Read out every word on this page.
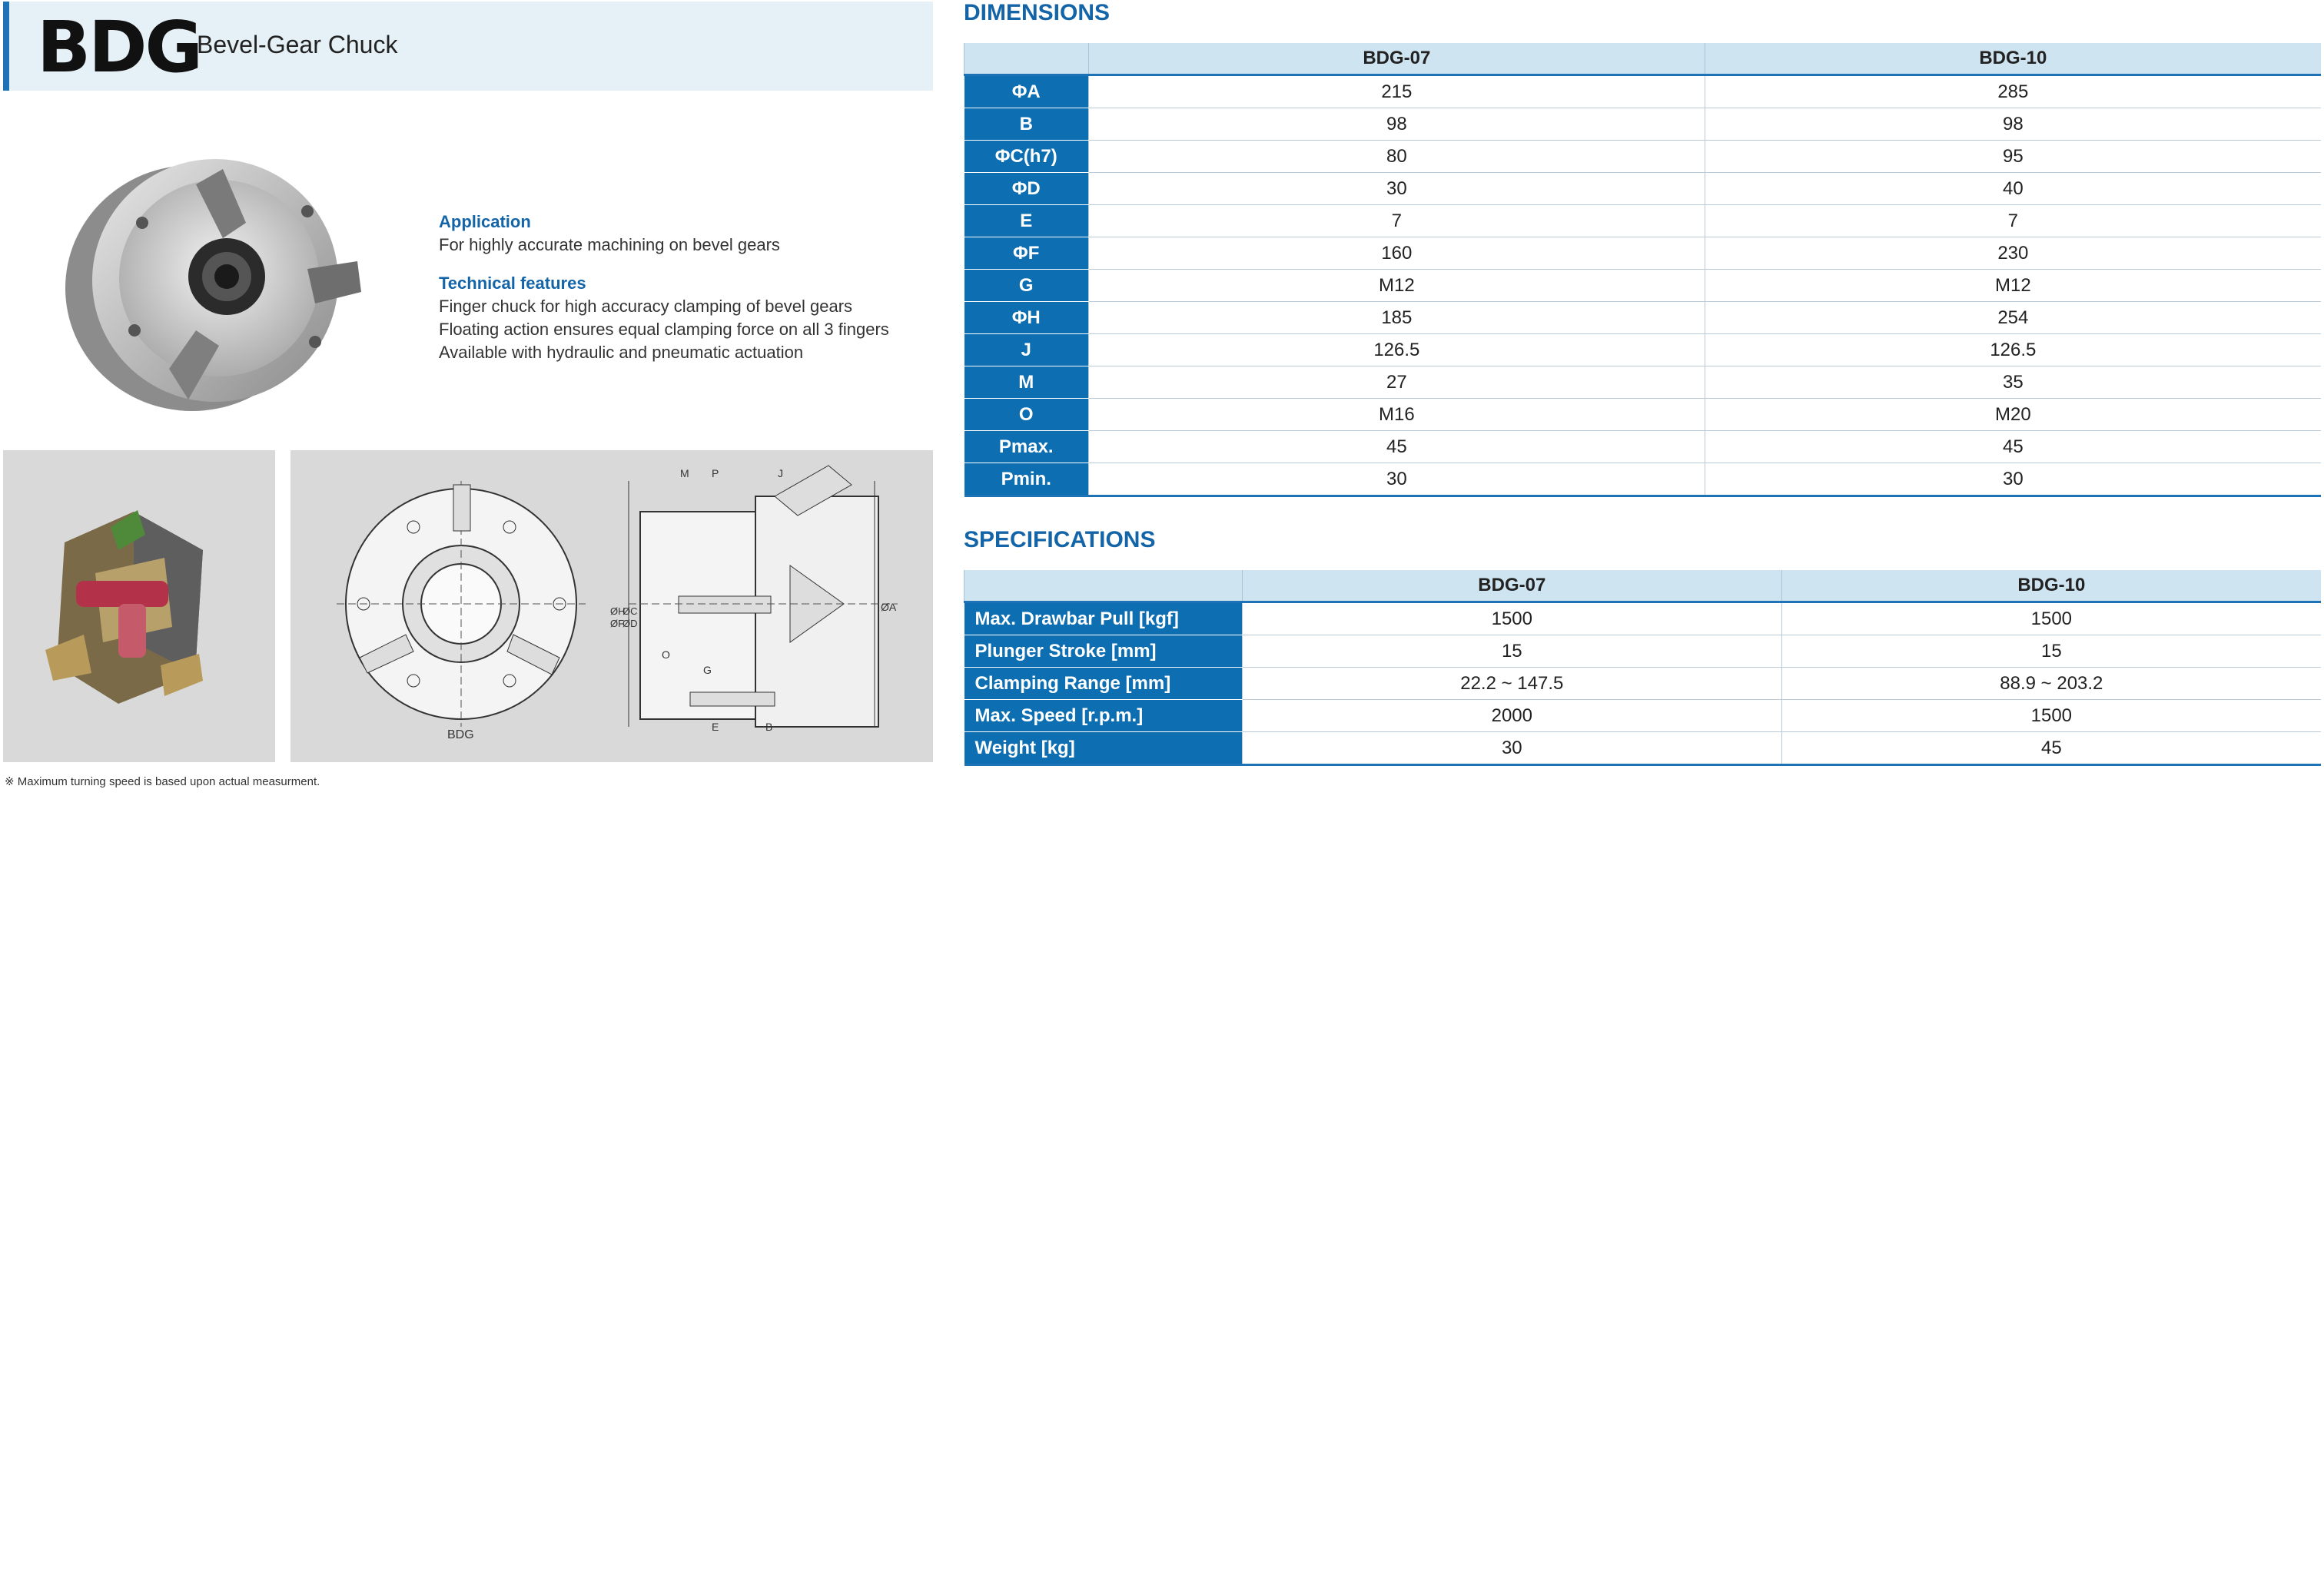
BDG
Bevel-Gear Chuck
Application
For highly accurate machining on bevel gears
Technical features
Finger chuck for high accuracy clamping of bevel gears
Floating action ensures equal clamping force on all 3 fingers
Available with hydraulic and pneumatic actuation
BDG
M P	J
ØH
ØF
ØC
ØD
ØA
O
G
E	B
※ Maximum turning speed is based upon actual measurment.
DIMENSIONS
	BDG-07	BDG-10
ΦA	215	285
B	98	98
ΦC(h7)	80	95
ΦD	30	40
E	7	7
ΦF	160	230
G	M12	M12
ΦH	185	254
J	126.5	126.5
M	27	35
O	M16	M20
Pmax.	45	45
Pmin.	30	30
SPECIFICATIONS
	BDG-07	BDG-10
Max. Drawbar Pull [kgf]	1500	1500
Plunger Stroke [mm]	15	15
Clamping Range [mm]	22.2 ~ 147.5	88.9 ~ 203.2
Max. Speed [r.p.m.]	2000	1500
Weight [kg]	30	45
